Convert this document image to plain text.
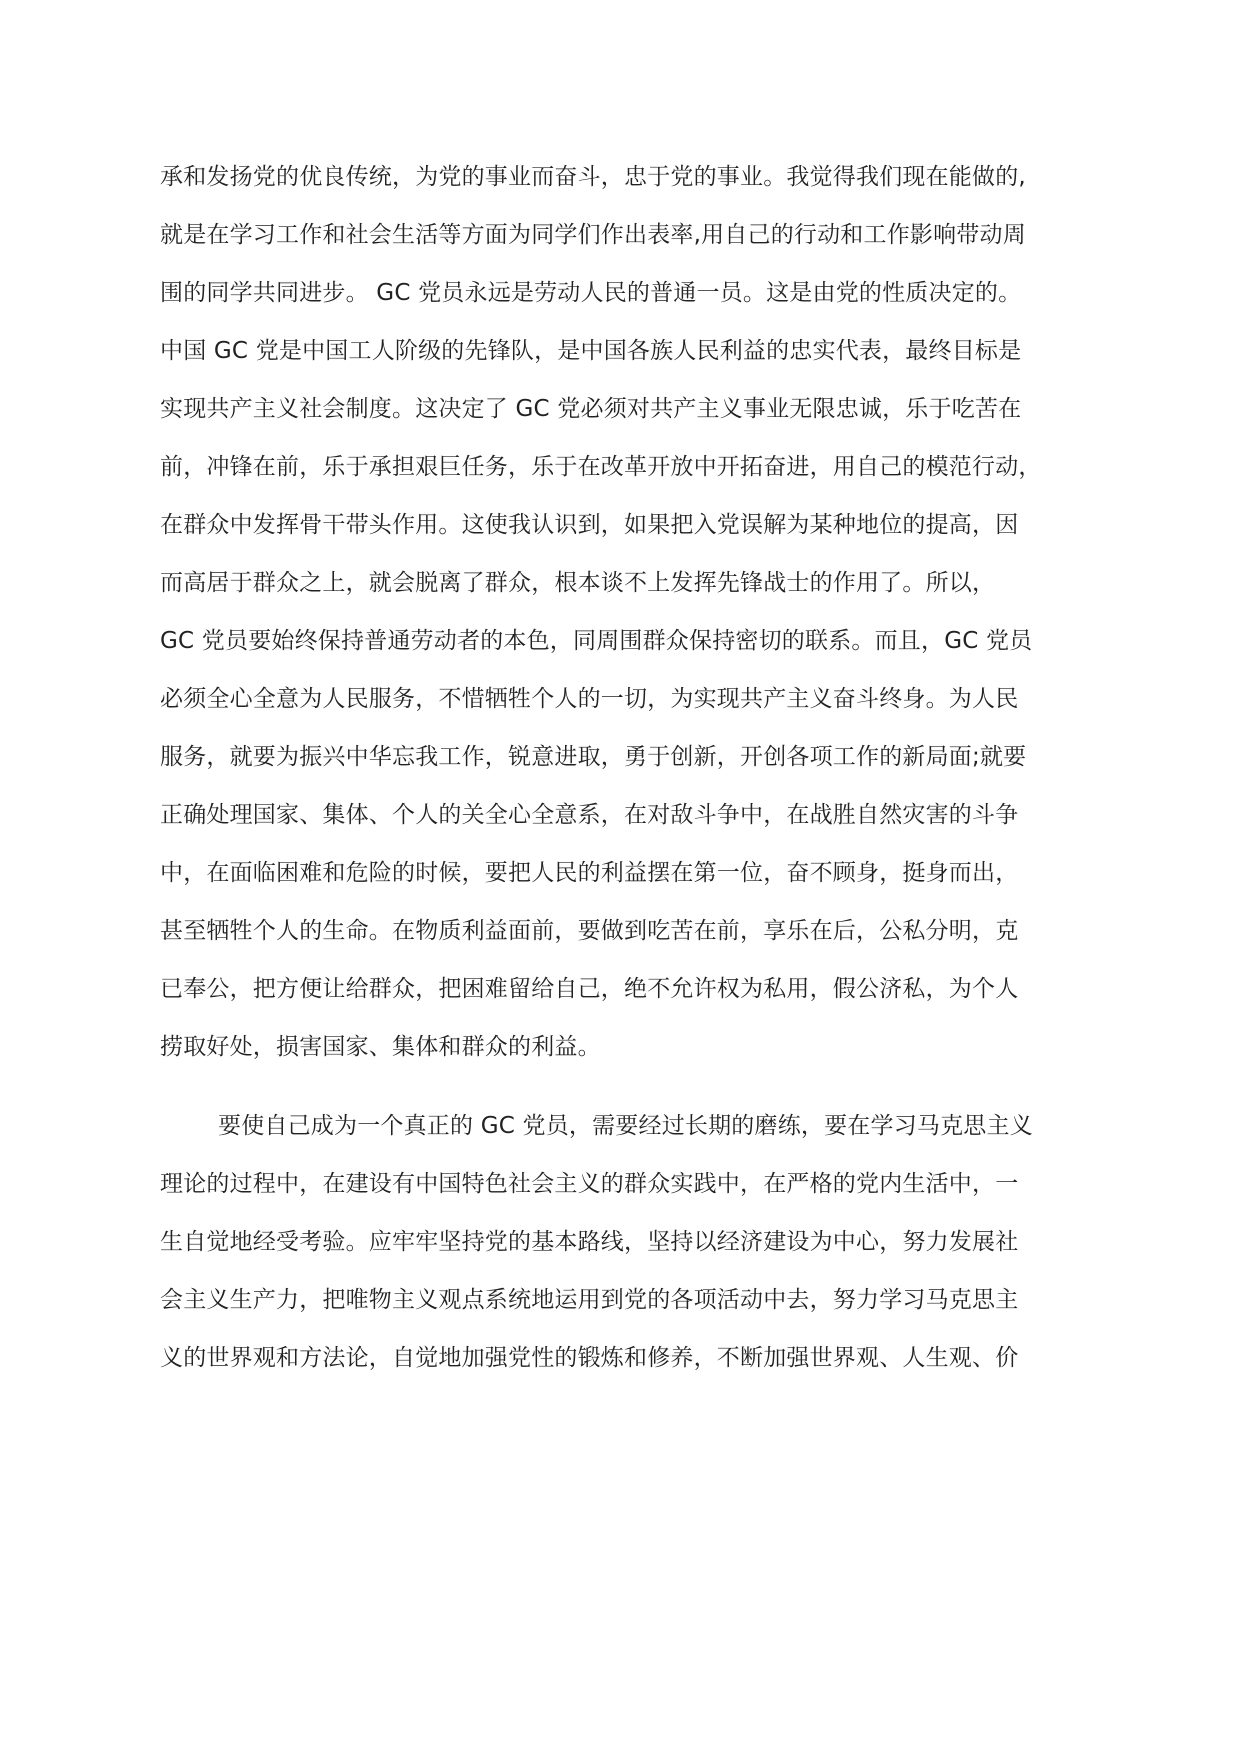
承和发扬党的优良传统，为党的事业而奋斗，忠于党的事业。我觉得我们现在能做的,
就是在学习工作和社会生活等方面为同学们作出表率,用自己的行动和工作影响带动周
围的同学共同进步。 GC 党员永远是劳动人民的普通一员。这是由党的性质决定的。
中国 GC 党是中国工人阶级的先锋队，是中国各族人民利益的忠实代表，最终目标是
实现共产主义社会制度。这决定了 GC 党必须对共产主义事业无限忠诚，乐于吃苦在
前，冲锋在前，乐于承担艰巨任务，乐于在改革开放中开拓奋进，用自己的模范行动，
在群众中发挥骨干带头作用。这使我认识到，如果把入党误解为某种地位的提高，因
而高居于群众之上，就会脱离了群众，根本谈不上发挥先锋战士的作用了。所以，
GC 党员要始终保持普通劳动者的本色，同周围群众保持密切的联系。而且，GC 党员
必须全心全意为人民服务，不惜牺牲个人的一切，为实现共产主义奋斗终身。为人民
服务，就要为振兴中华忘我工作，锐意进取，勇于创新，开创各项工作的新局面;就要
正确处理国家、集体、个人的关全心全意系，在对敌斗争中，在战胜自然灾害的斗争
中，在面临困难和危险的时候，要把人民的利益摆在第一位，奋不顾身，挺身而出，
甚至牺牲个人的生命。在物质利益面前，要做到吃苦在前，享乐在后，公私分明，克
已奉公，把方便让给群众，把困难留给自己，绝不允许权为私用，假公济私，为个人
捞取好处，损害国家、集体和群众的利益。
要使自己成为一个真正的 GC 党员，需要经过长期的磨练，要在学习马克思主义
理论的过程中，在建设有中国特色社会主义的群众实践中，在严格的党内生活中，一
生自觉地经受考验。应牢牢坚持党的基本路线，坚持以经济建设为中心，努力发展社
会主义生产力，把唯物主义观点系统地运用到党的各项活动中去，努力学习马克思主
义的世界观和方法论，自觉地加强党性的锻炼和修养，不断加强世界观、人生观、价
